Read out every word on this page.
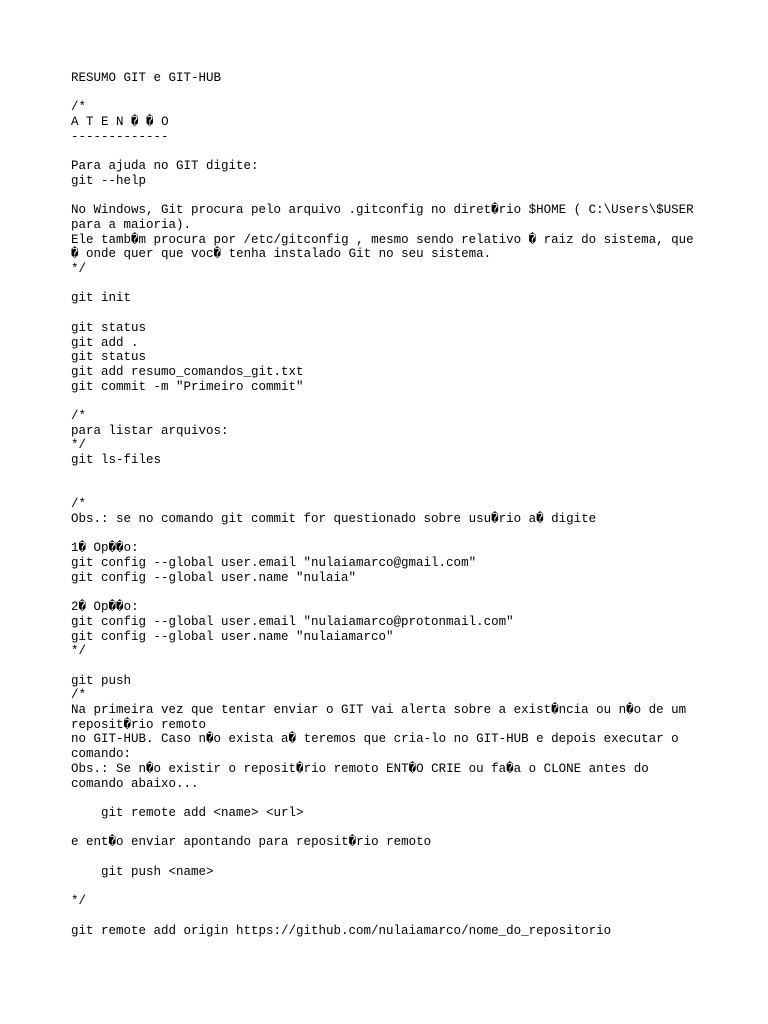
RESUMO GIT e GIT-HUB
/*
A T E N � � O
-------------
Para ajuda no GIT digite:
git --help
No Windows, Git procura pelo arquivo .gitconfig no diret�rio $HOME ( C:\Users\$USER
para a maioria).
Ele tamb�m procura por /etc/gitconfig , mesmo sendo relativo � raiz do sistema, que
� onde quer que voc� tenha instalado Git no seu sistema.
*/
git init
git status
git add .
git status
git add resumo_comandos_git.txt
git commit -m "Primeiro commit"
/*
para listar arquivos:
*/
git ls-files
/*
Obs.: se no comando git commit for questionado sobre usu�rio a� digite
1� Op��o:
git config --global user.email "nulaiamarco@gmail.com"
git config --global user.name "nulaia"
2� Op��o:
git config --global user.email "nulaiamarco@protonmail.com"
git config --global user.name "nulaiamarco"
*/
git push
/*
Na primeira vez que tentar enviar o GIT vai alerta sobre a exist�ncia ou n�o de um
reposit�rio remoto
no GIT-HUB. Caso n�o exista a� teremos que cria-lo no GIT-HUB e depois executar o
comando:
Obs.: Se n�o existir o reposit�rio remoto ENT�O CRIE ou fa�a o CLONE antes do
comando abaixo...
git remote add <name> <url>
e ent�o enviar apontando para reposit�rio remoto
git push <name>
*/
git remote add origin https://github.com/nulaiamarco/nome_do_repositorio
